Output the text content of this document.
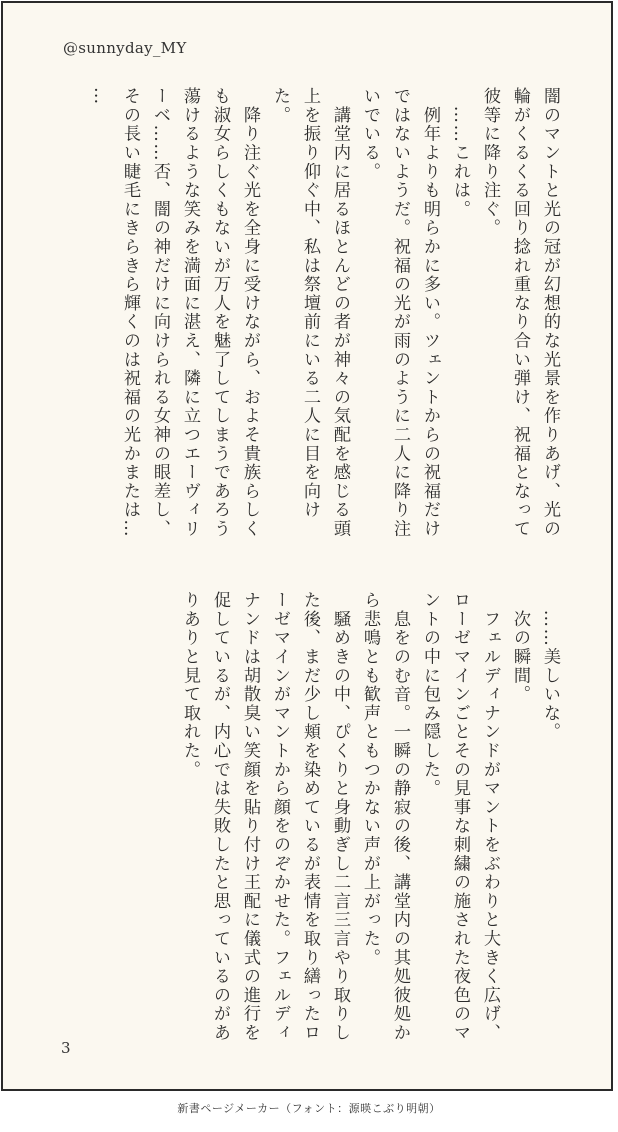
@sunnyday_MY

闇のマントと光の冠が幻想的な光景を作りあげ、光の輪がくるくる回り捻れ重なり合い弾け、祝福となって彼等に降り注ぐ。

　……これは。

　例年よりも明らかに多い。ツェントからの祝福だけではないようだ。祝福の光が雨のように二人に降り注いでいる。

　講堂内に居るほとんどの者が神々の気配を感じる頭上を振り仰ぐ中、私は祭壇前にいる二人に目を向けた。

　降り注ぐ光を全身に受けながら、およそ貴族らしくも淑女らしくもないが万人を魅了してしまうであろう蕩けるような笑みを満面に湛え、隣に立つエーヴィリーベ……否、闇の神だけに向けられる女神の眼差し、その長い睫毛にきらきら輝くのは祝福の光かまたは…

…

　……美しいな。

　次の瞬間。

　フェルディナンドがマントをぶわりと大きく広げ、ローゼマインごとその見事な刺繍の施された夜色のマントの中に包み隠した。

　息をのむ音。一瞬の静寂の後、講堂内の其処彼処から悲鳴とも歓声ともつかない声が上がった。

　騒めきの中、ぴくりと身動ぎし二言三言やり取りした後、まだ少し頬を染めているが表情を取り繕ったローゼマインがマントから顔をのぞかせた。フェルディナンドは胡散臭い笑顔を貼り付け王配に儀式の進行を促しているが、内心では失敗したと思っているのがありありと見て取れた。

3
新書ページメーカー（フォント：源暎こぶり明朝）
